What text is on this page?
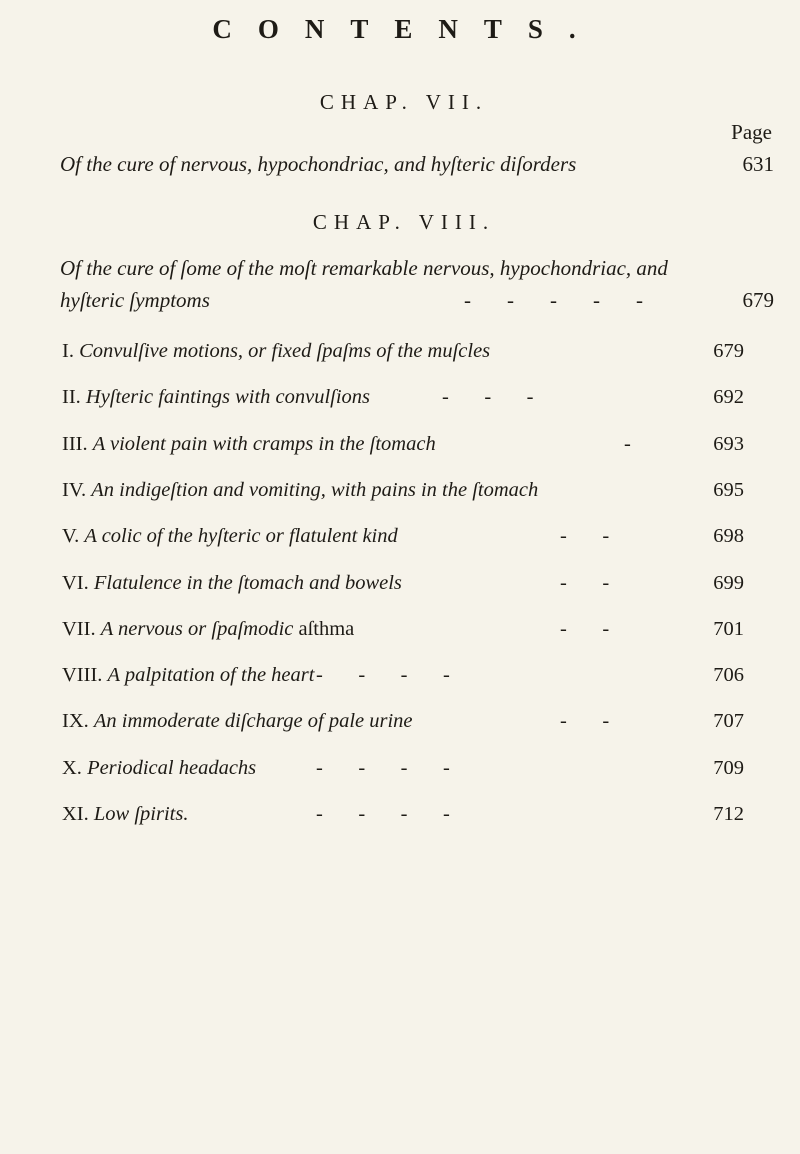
CONTENTS.
CHAP. VII.
Page
Of the cure of nervous, hypochondriac, and hyſteric diſorders	631
CHAP. VIII.
Of the cure of ſome of the moſt remarkable nervous, hypochondriac, and
hyſteric ſymptoms	-    -    -    -    -	679
I. Convulſive motions, or fixed ſpaſms of the muſcles	679
II. Hyſteric faintings with convulſions	-    -    -	692
III. A violent pain with cramps in the ſtomach	-	693
IV. An indigeſtion and vomiting, with pains in the ſtomach	695
V. A colic of the hyſteric or flatulent kind	-    -	698
VI. Flatulence in the ſtomach and bowels	-    -	699
VII. A nervous or ſpaſmodic aſthma	-    -	701
VIII. A palpitation of the heart -    -    -    -	706
IX. An immoderate diſcharge of pale urine	-    -	707
X. Periodical headachs	-    -    -    -	709
XI. Low ſpirits.	-    -    -    -	712
